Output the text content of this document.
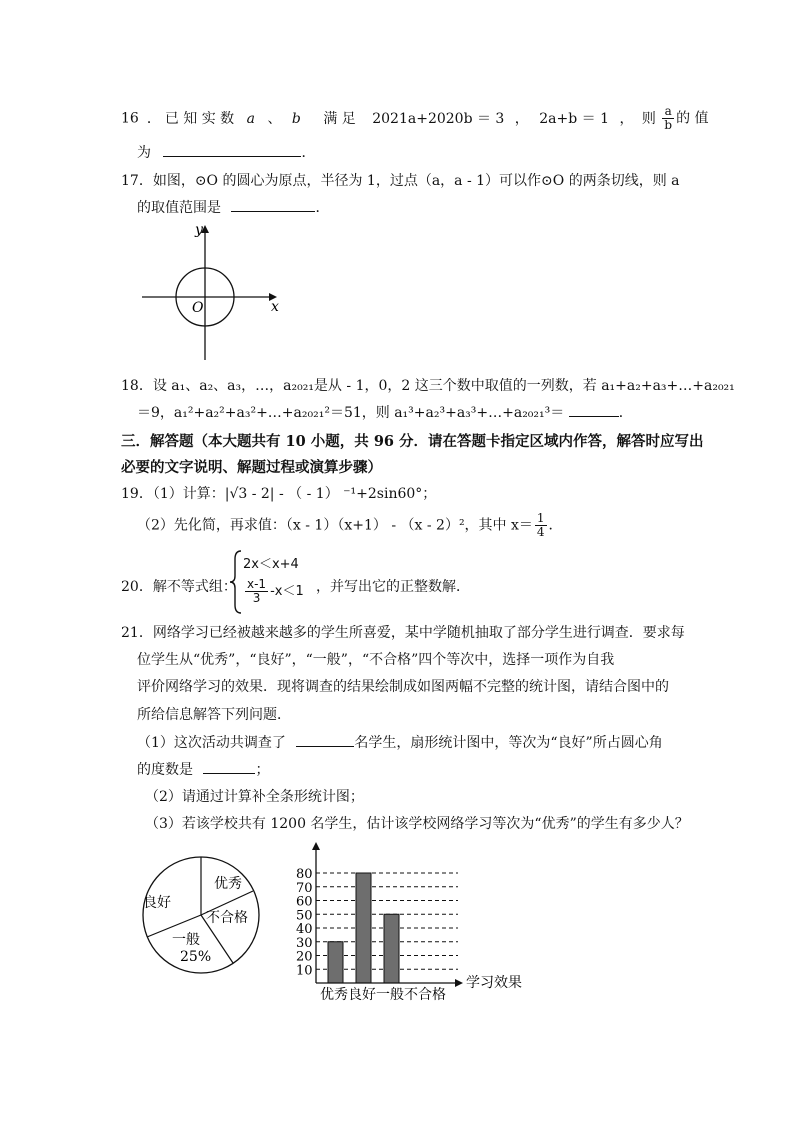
16 ． 已 知 实 数 a 、 b 满 足 2021a+2020b ＝ 3 ， 2a+b ＝ 1 ， 则 $\frac{a}{b}$ 的 值
为	．
17．如图，⊙O 的圆心为原点，半径为 1，过点（a，a - 1）可以作⊙O 的两条切线，则 a
的取值范围是	．
y
x
O
18．设 a₁、a₂、a₃，…，a₂₀₂₁是从 - 1，0，2 这三个数中取值的一列数，若 a₁+a₂+a₃+…+a₂₀₂₁
＝9，a₁²+a₂²+a₃²+…+a₂₀₂₁²＝51，则 a₁³+a₂³+a₃³+…+a₂₀₂₁³＝	．
三．解答题（本大题共有 10 小题，共 96 分．请在答题卡指定区域内作答，解答时应写出
必要的文字说明、解题过程或演算步骤）
19．（1）计算：|√3 - 2| - （ - 1） ⁻¹+2sin60°；
（2）先化简，再求值：（x - 1）（x+1） - （x - 2）²，其中 $x= \frac{1}{4}$ ．
20．解不等式组：
2x＜x+4
$\frac{x-1}{3} -x<1$ ，并写出它的正整数解．
21．网络学习已经被越来越多的学生所喜爱，某中学随机抽取了部分学生进行调查．要求每
位学生从“优秀”，“良好”，“一般”，“不合格”四个等次中，选择一项作为自我
评价网络学习的效果．现将调查的结果绘制成如图两幅不完整的统计图，请结合图中的
所给信息解答下列问题．
（1）这次活动共调查了	名学生，扇形统计图中，等次为“良好”所占圆心角
的度数是	；
（2）请通过计算补全条形统计图；
（3）若该学校共有 1200 名学生，估计该学校网络学习等次为“优秀”的学生有多少人？
良好
优秀
不合格
一般
25%
10
20
30
40
50
60
70
80
学习效果
优秀良好一般不合格
